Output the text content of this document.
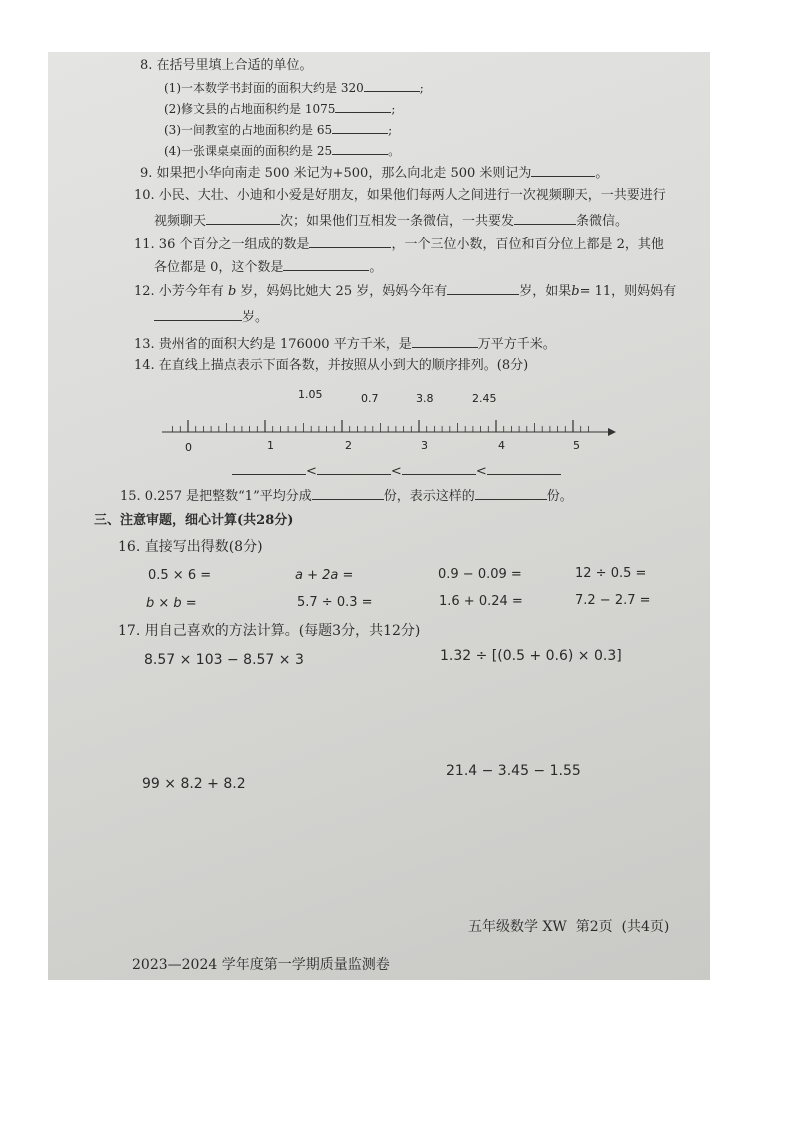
8. 在括号里填上合适的单位。
(1)一本数学书封面的面积大约是 320	;
(2)修文县的占地面积约是 1075	;
(3)一间教室的占地面积约是 65	;
(4)一张课桌桌面的面积约是 25	。
9. 如果把小华向南走 500 米记为+500，那么向北走 500 米则记为	。
10. 小民、大壮、小迪和小爱是好朋友，如果他们每两人之间进行一次视频聊天，一共要进行
视频聊天	次；如果他们互相发一条微信，一共要发	条微信。
11. 36 个百分之一组成的数是	，一个三位小数，百位和百分位上都是 2，其他
各位都是 0，这个数是	。
12. 小芳今年有 b 岁，妈妈比她大 25 岁，妈妈今年有	岁，如果b= 11，则妈妈有
岁。
13. 贵州省的面积大约是 176000 平方千米，是	万平方千米。
14. 在直线上描点表示下面各数，并按照从小到大的顺序排列。(8分)
1.05	0.7	3.8	2.45
0	1	2	3	4	5
<	<	<
15. 0.257 是把整数“1”平均分成	份，表示这样的	份。
三、注意审题，细心计算(共28分)
16. 直接写出得数(8分)
0.5 × 6 =	a + 2a =	0.9 − 0.09 =	12 ÷ 0.5 =
b × b =	5.7 ÷ 0.3 =	1.6 + 0.24 =	7.2 − 2.7 =
17. 用自己喜欢的方法计算。(每题3分，共12分)
8.57 × 103 − 8.57 × 3	1.32 ÷ [(0.5 + 0.6) × 0.3]
99 × 8.2 + 8.2
21.4 − 3.45 − 1.55
五年级数学 XW 第2页 (共4页)
2023—2024 学年度第一学期质量监测卷
